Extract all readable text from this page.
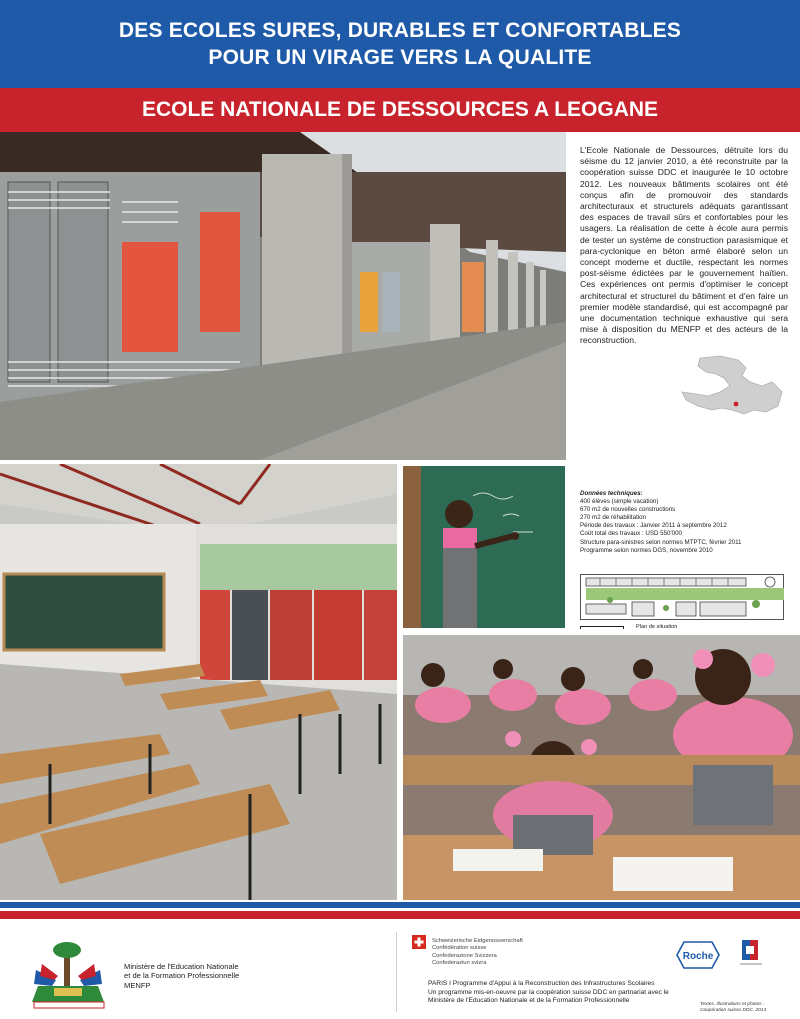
DES ECOLES SURES, DURABLES ET CONFORTABLES
POUR UN VIRAGE VERS LA QUALITE
ECOLE NATIONALE DE DESSOURCES A LEOGANE
L'Ecole Nationale de Dessources, détruite lors du séisme du 12 janvier 2010, a été reconstruite par la coopération suisse DDC et inaugurée le 10 octobre 2012. Les nouveaux bâtiments scolaires ont été conçus afin de promouvoir des standards architecturaux et structurels adéquats garantissant des espaces de travail sûrs et confortables pour les usagers. La réalisation de cette à école aura permis de tester un système de construction parasismique et para-cyclonique en béton armé élaboré selon un concept moderne et ductile, respectant les normes post-séisme édictées par le gouvernement haïtien. Ces expériences ont permis d'optimiser le concept architectural et structurel du bâtiment et d'en faire un premier modèle standardisé, qui est accompagné par une documentation technique exhaustive qui sera mise à disposition du MENFP et des acteurs de la reconstruction.
Données techniques:
400 élèves (simple vacation)
670 m2 de nouvelles constructions
270 m2 de réhabilitation
Période des travaux : Janvier 2011 à septembre 2012
Coût total des travaux : USD 550'000
Structure para-sinistres selon normes MTPTC, février 2011
Programme selon normes DGS, novembre 2010
Plan de situation
Ministère de l'Education Nationale
et de la Formation Professionnelle
MENFP
Schweizerische Eidgenossenschaft
Confédération suisse
Confederazione Svizzera
Confederaziun svizra
Roche
PARIS I Programme d'Appui à la Reconstruction des Infrastructures Scolaires
Un programme mis-en-oeuvre par la coopération suisse DDC en partnariat avec le
Ministère de l'Education Nationale et de la Formation Professionnelle
Textes, illustrations et photos :
Coopération suisse DDC, 2013
